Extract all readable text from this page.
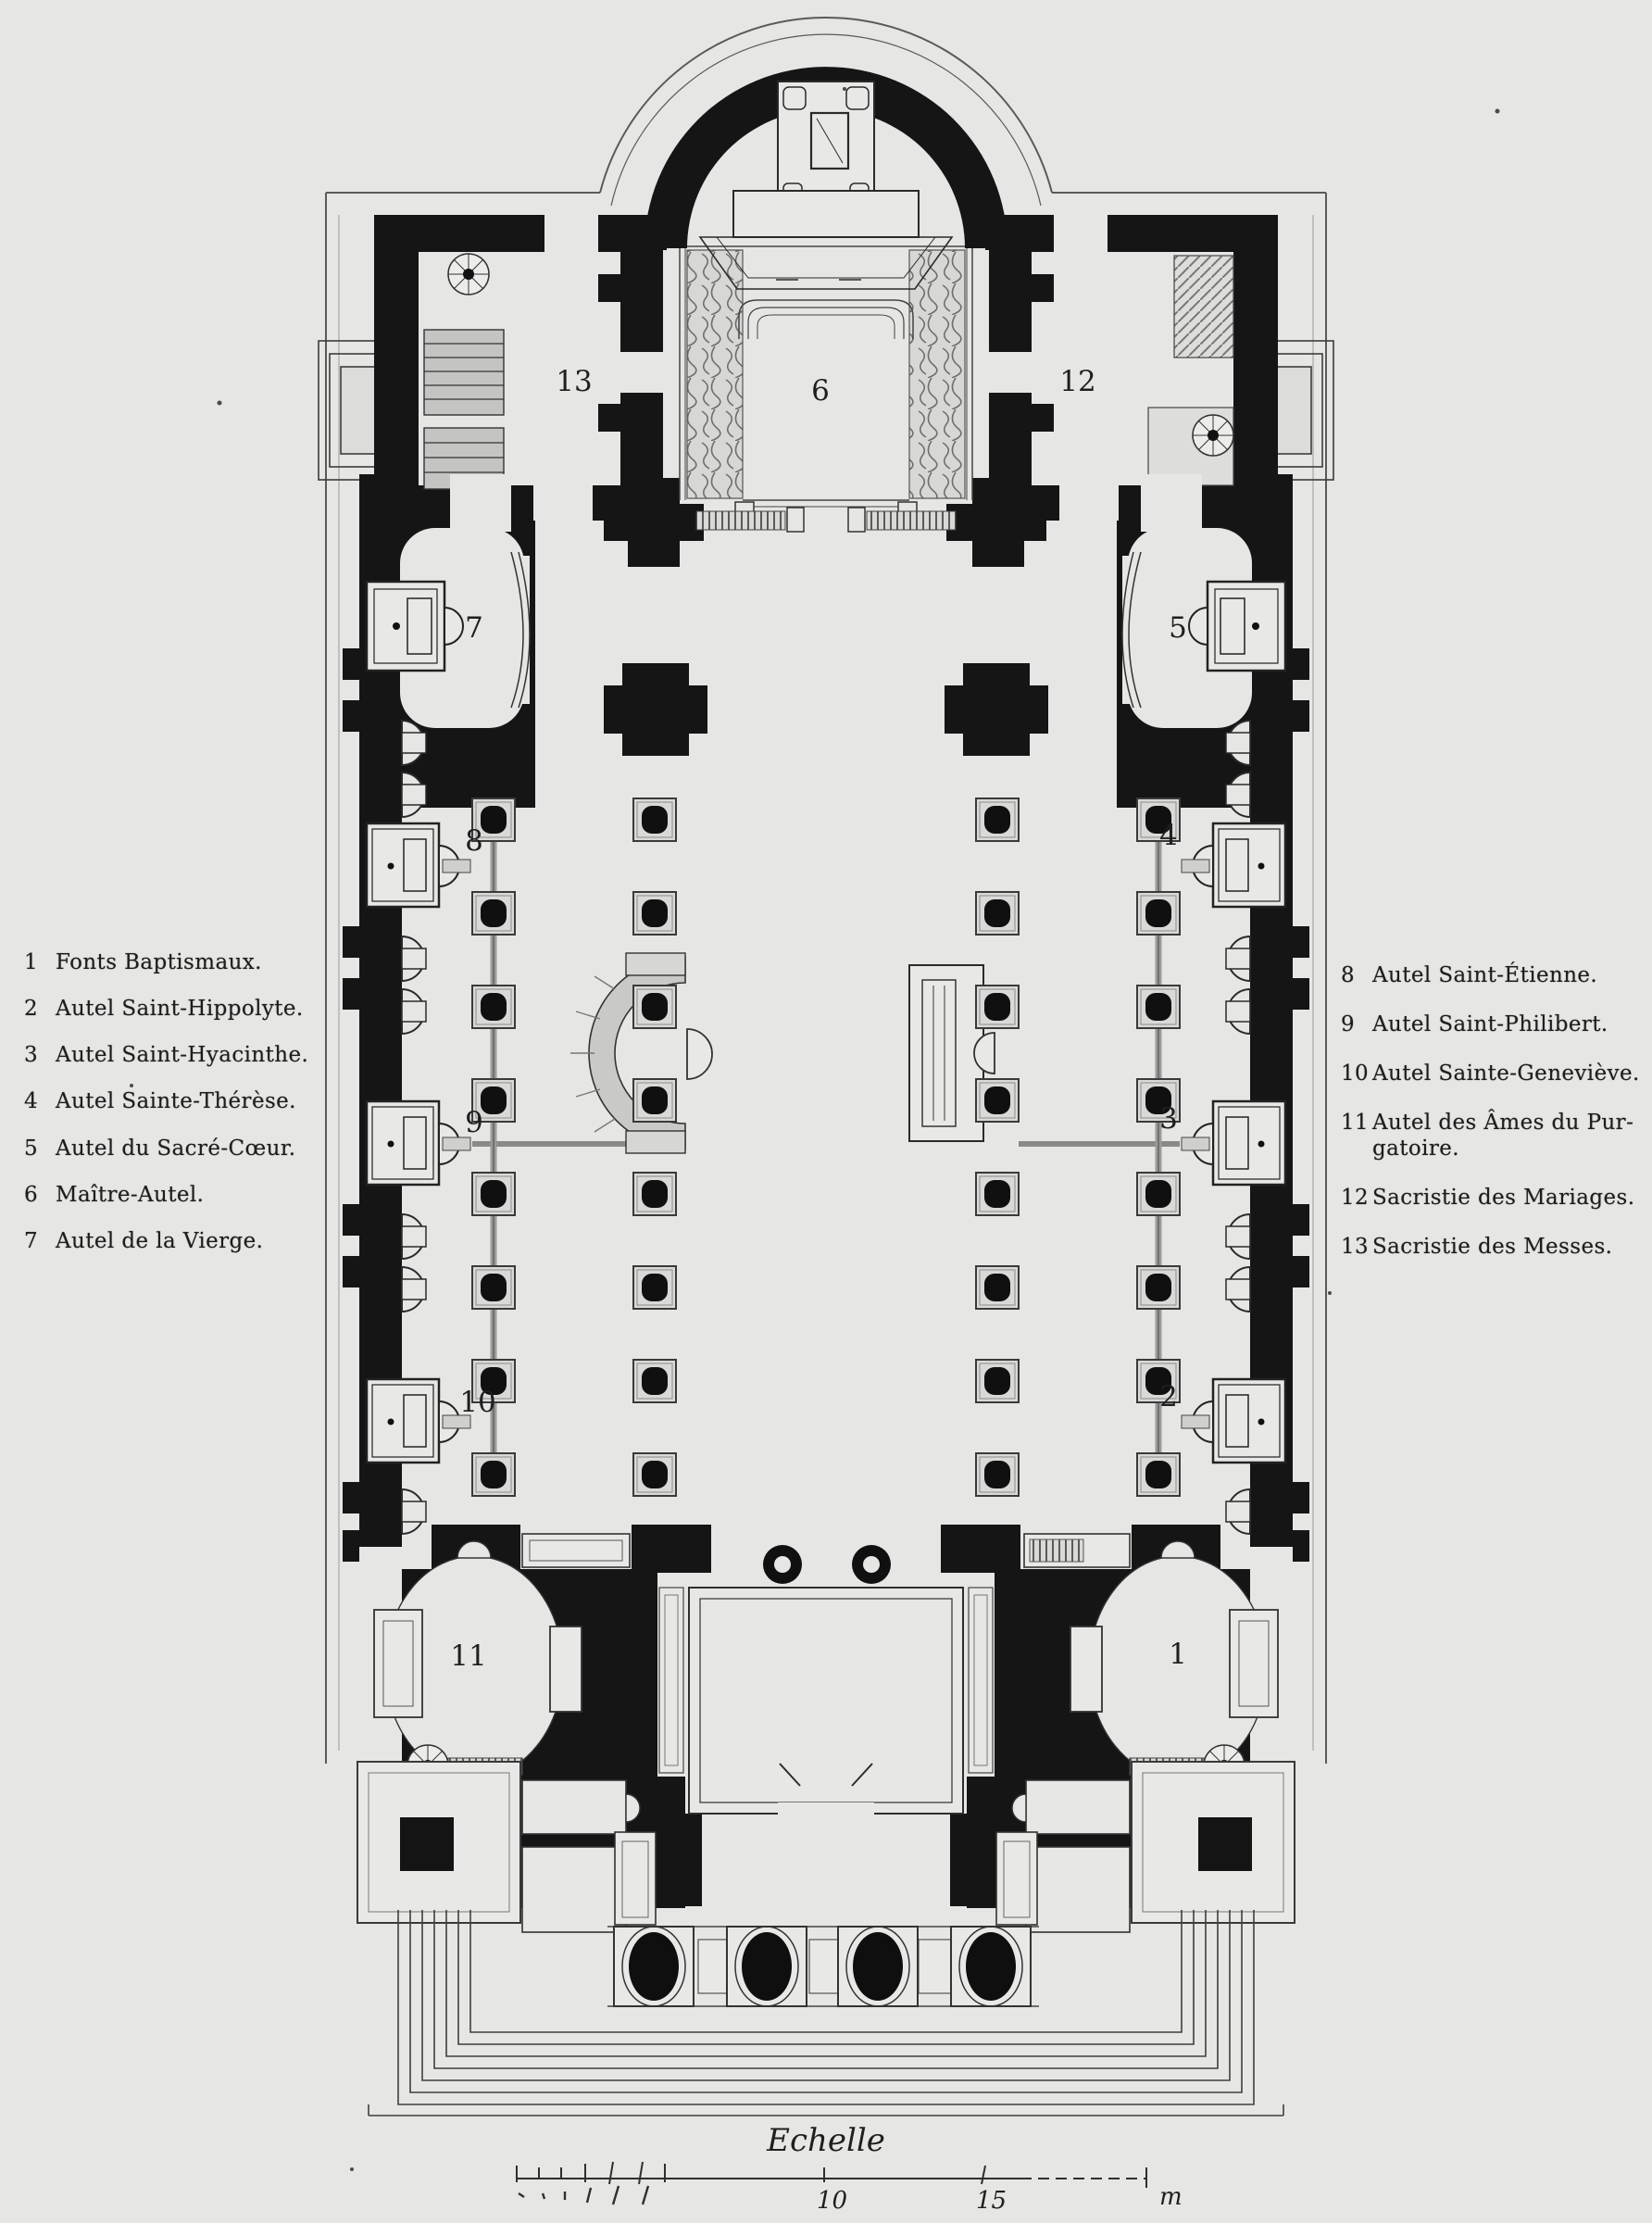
13	12
6
7	5
8	4
9	3
10	2
11	1
Echelle
10	15	m
1 Fonts Baptismaux.
2 Autel Saint-Hippolyte.
3 Autel Saint-Hyacinthe.
4 Autel Sainte-Thérèse.
5 Autel du Sacré-Cœur.
6 Maître-Autel.
7 Autel de la Vierge.
8 Autel Saint-Étienne.
9 Autel Saint-Philibert.
10 Autel Sainte-Geneviève.
11 Autel des Âmes du Pur-gatoire.
12 Sacristie des Mariages.
13 Sacristie des Messes.
